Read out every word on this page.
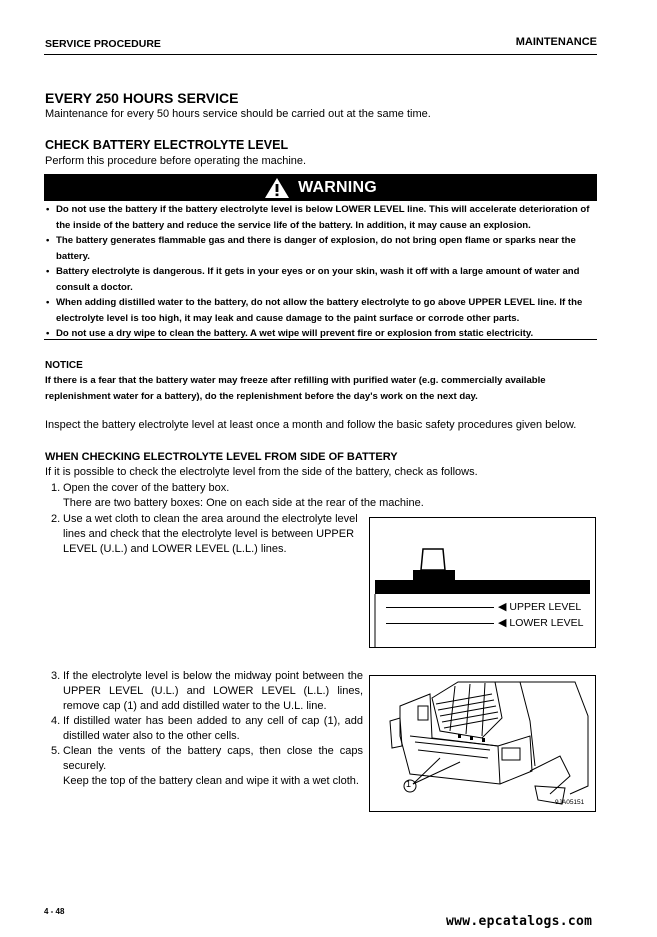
SERVICE PROCEDURE	MAINTENANCE
EVERY 250 HOURS SERVICE
Maintenance for every 50 hours service should be carried out at the same time.
CHECK BATTERY ELECTROLYTE LEVEL
Perform this procedure before operating the machine.
WARNING
• Do not use the battery if the battery electrolyte level is below LOWER LEVEL line. This will accelerate deterioration of the inside of the battery and reduce the service life of the battery. In addition, it may cause an explosion.
• The battery generates flammable gas and there is danger of explosion, do not bring open flame or sparks near the battery.
• Battery electrolyte is dangerous. If it gets in your eyes or on your skin, wash it off with a large amount of water and consult a doctor.
• When adding distilled water to the battery, do not allow the battery electrolyte to go above UPPER LEVEL line. If the electrolyte level is too high, it may leak and cause damage to the paint surface or corrode other parts.
• Do not use a dry wipe to clean the battery. A wet wipe will prevent fire or explosion from static electricity.
NOTICE
If there is a fear that the battery water may freeze after refilling with purified water (e.g. commercially available replenishment water for a battery), do the replenishment before the day's work on the next day.
Inspect the battery electrolyte level at least once a month and follow the basic safety procedures given below.
WHEN CHECKING ELECTROLYTE LEVEL FROM SIDE OF BATTERY
If it is possible to check the electrolyte level from the side of the battery, check as follows.
1. Open the cover of the battery box.
There are two battery boxes: One on each side at the rear of the machine.
2. Use a wet cloth to clean the area around the electrolyte level lines and check that the electrolyte level is between UPPER LEVEL (U.L.) and LOWER LEVEL (L.L.) lines.
◀
UPPER LEVEL
◀
LOWER LEVEL
3. If the electrolyte level is below the midway point between the UPPER LEVEL (U.L.) and LOWER LEVEL (L.L.) lines, remove cap (1) and add distilled water to the U.L. line.
4. If distilled water has been added to any cell of cap (1), add distilled water also to the other cells.
5. Clean the vents of the battery caps, then close the caps securely.
Keep the top of the battery clean and wipe it with a wet cloth.	1
9JA05151
4 - 48
www.epcatalogs.com
